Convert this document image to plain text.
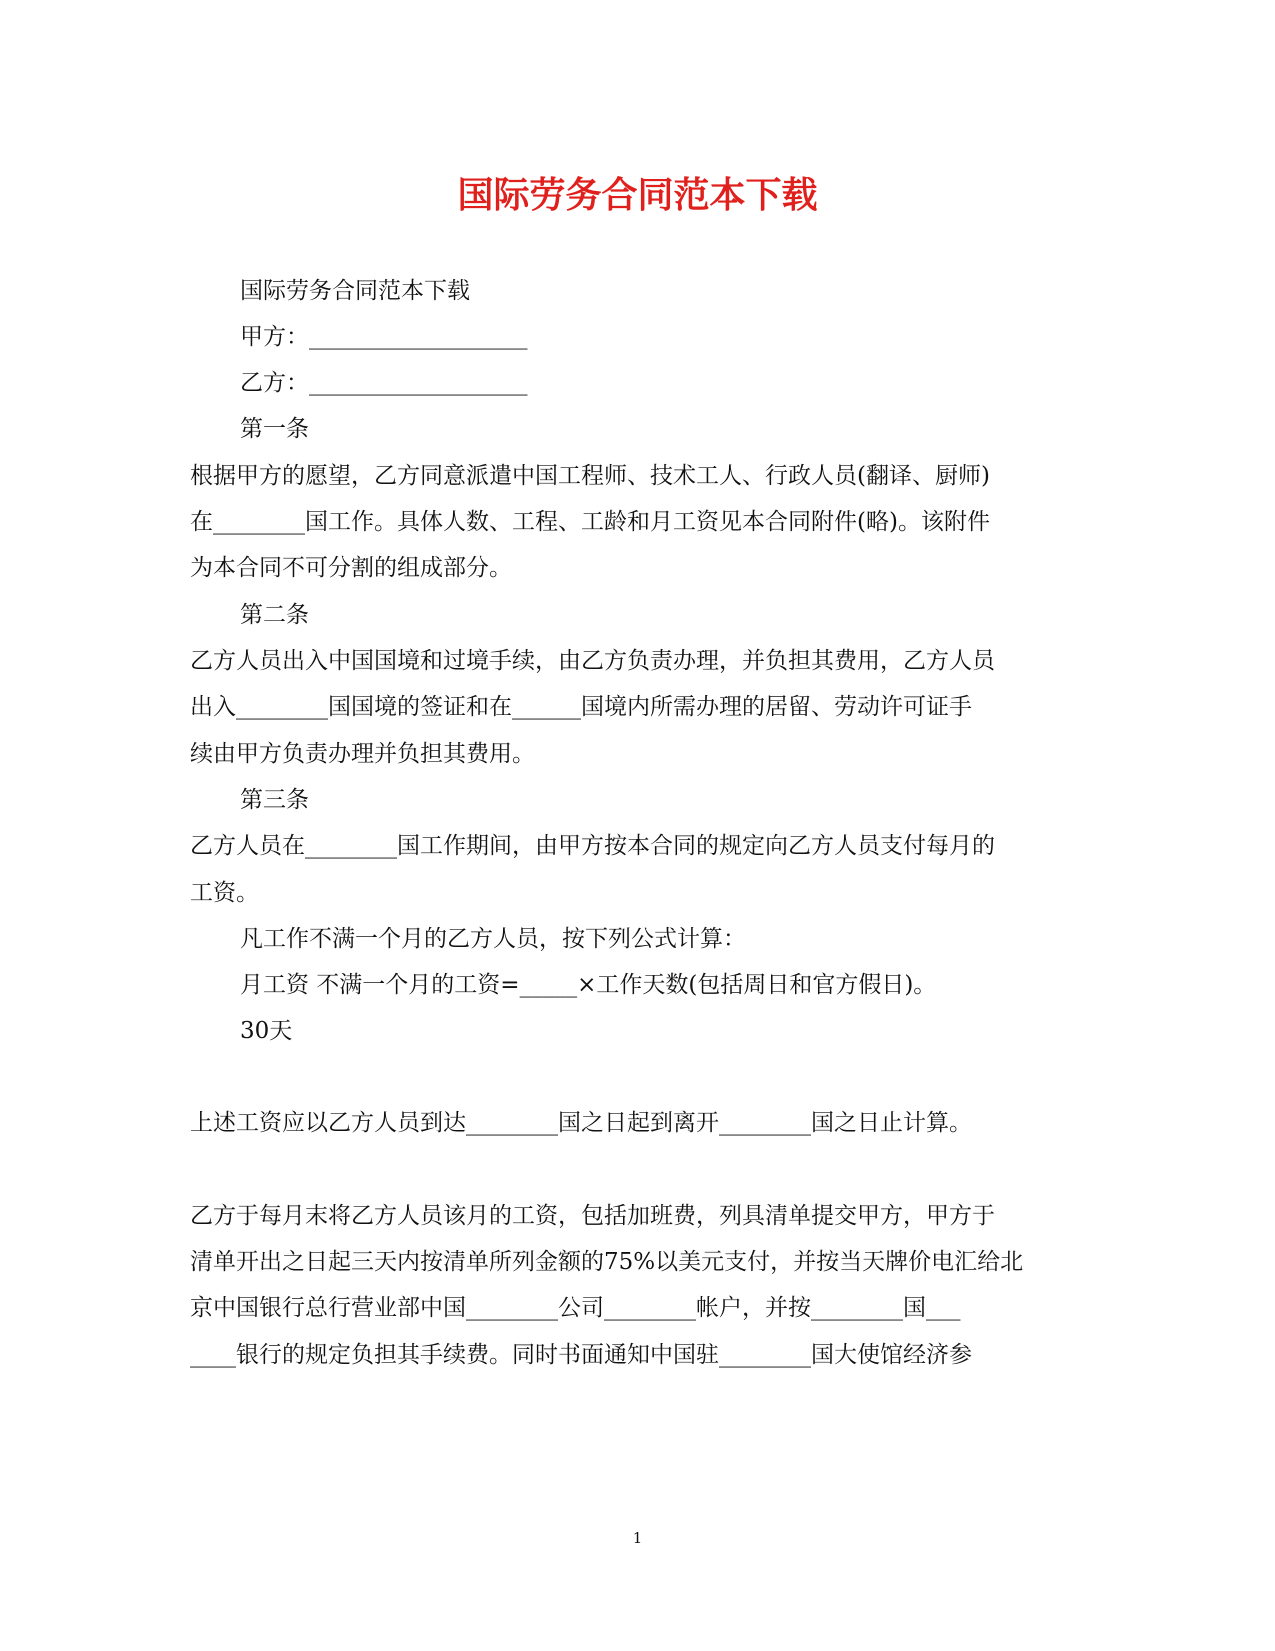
国际劳务合同范本下载
国际劳务合同范本下载
甲方：___________________
乙方：___________________
第一条
根据甲方的愿望，乙方同意派遣中国工程师、技术工人、行政人员(翻译、厨师)
在________国工作。具体人数、工程、工龄和月工资见本合同附件(略)。该附件
为本合同不可分割的组成部分。
第二条
乙方人员出入中国国境和过境手续，由乙方负责办理，并负担其费用，乙方人员
出入________国国境的签证和在______国境内所需办理的居留、劳动许可证手
续由甲方负责办理并负担其费用。
第三条
乙方人员在________国工作期间，由甲方按本合同的规定向乙方人员支付每月的
工资。
凡工作不满一个月的乙方人员，按下列公式计算：
月工资 不满一个月的工资=_____×工作天数(包括周日和官方假日)。
30天
上述工资应以乙方人员到达________国之日起到离开________国之日止计算。
乙方于每月末将乙方人员该月的工资，包括加班费，列具清单提交甲方，甲方于
清单开出之日起三天内按清单所列金额的75%以美元支付，并按当天牌价电汇给北
京中国银行总行营业部中国________公司________帐户，并按________国___
____银行的规定负担其手续费。同时书面通知中国驻________国大使馆经济参
1
